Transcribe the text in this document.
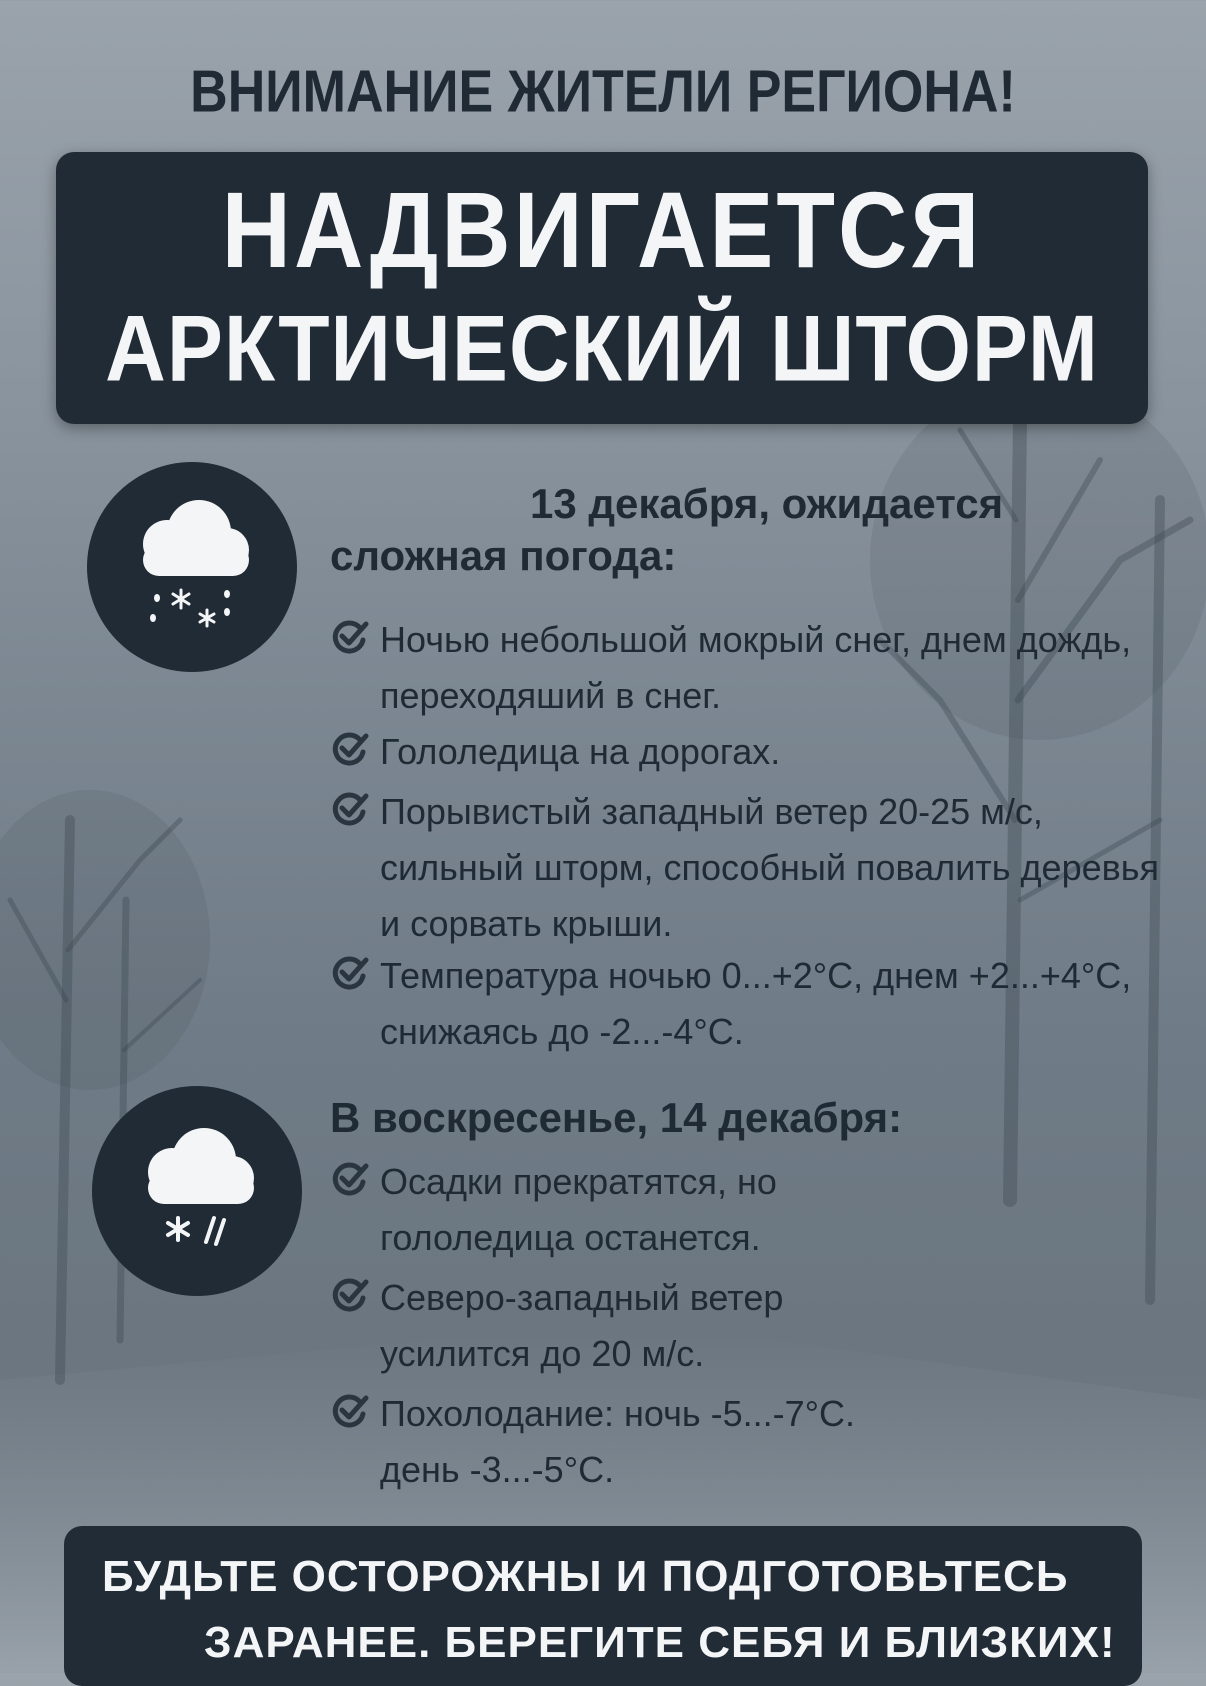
ВНИМАНИЕ ЖИТЕЛИ РЕГИОНА!
НАДВИГАЕТСЯ
АРКТИЧЕСКИЙ ШТОРМ
13 декабря, ожидается
сложная погода:
Ночью небольшой мокрый снег, днем дождь, переходяший в снег.
Гололедица на дорогах.
Порывистый западный ветер 20-25 м/с, сильный шторм, способный повалить деревья и сорвать крыши.
Температура ночью 0...+2°С, днем +2...+4°С, снижаясь до -2...-4°С.
В воскресенье, 14 декабря:
Осадки прекратятся, но гололедица останется.
Северо-западный ветер усилится до 20 м/с.
Похолодание: ночь -5...-7°С. день -3...-5°С.
БУДЬТЕ ОСТОРОЖНЫ И ПОДГОТОВЬТЕСЬ
ЗАРАНЕЕ. БЕРЕГИТЕ СЕБЯ И БЛИЗКИХ!
